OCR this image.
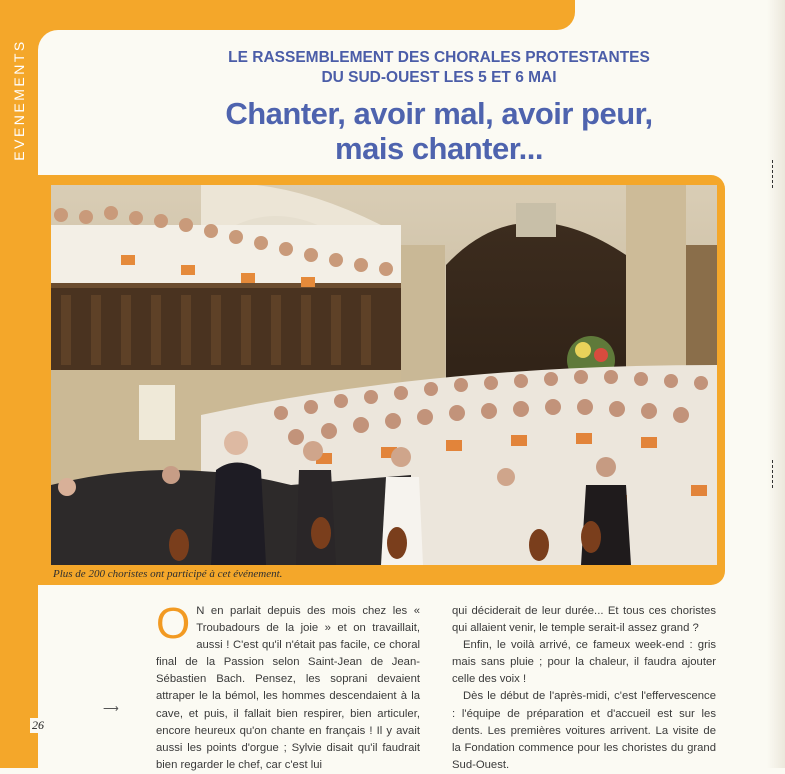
EVENEMENTS	LE RASSEMBLEMENT DES CHORALES PROTESTANTES
DU SUD-OUEST LES 5 ET 6 MAI
Chanter, avoir mal, avoir peur,
mais chanter...
Plus de 200 choristes ont participé à cet événement.

O N en parlait depuis des mois chez les « Troubadours de la joie » et on travaillait, aussi ! C'est qu'il n'était pas facile, ce choral final de la Passion selon Saint-Jean de Jean-Sébastien Bach. Pensez, les soprani devaient attraper le la bémol, les hommes descendaient à la cave, et puis, il fallait bien respirer, bien articuler, encore heureux qu'on chante en français ! Il y avait aussi les points d'orgue ; Sylvie disait qu'il faudrait bien regarder le chef, car c'est lui

qui déciderait de leur durée... Et tous ces choristes qui allaient venir, le temple serait-il assez grand ?

Enfin, le voilà arrivé, ce fameux week-end : gris mais sans pluie ; pour la chaleur, il faudra ajouter celle des voix !

Dès le début de l'après-midi, c'est l'effervescence : l'équipe de préparation et d'accueil est sur les dents. Les premières voitures arrivent. La visite de la Fondation commence pour les choristes du grand Sud-Ouest.

⟶
26
